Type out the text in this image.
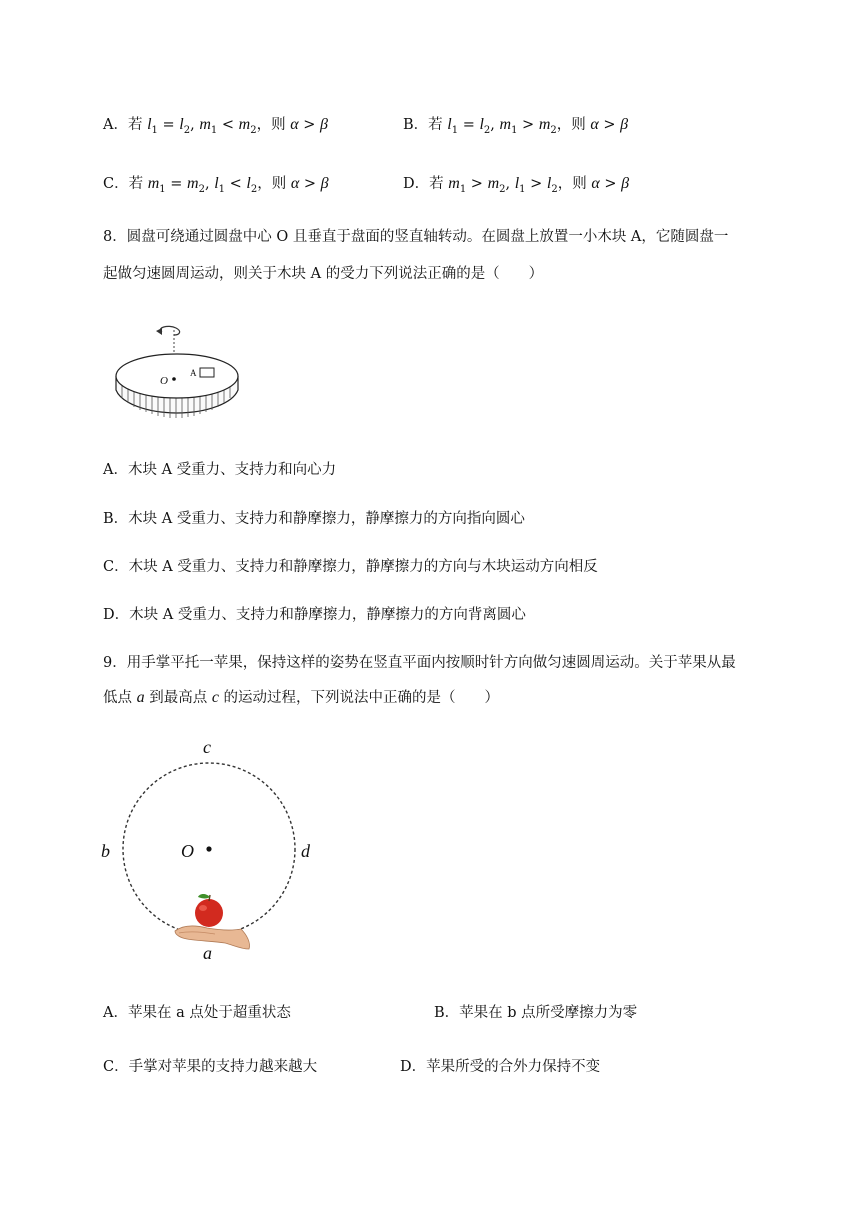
A．若 $l_1 = l_2$, $m_1 < m_2$，则 α > β	B．若 $l_1 = l_2$, $m_1 > m_2$，则 α > β
C．若 $m_1 = m_2$, $l_1 < l_2$，则 α > β	D．若 $m_1 > m_2$, $l_1 > l_2$，则 α > β
8．圆盘可绕通过圆盘中心 O 且垂直于盘面的竖直轴转动。在圆盘上放置一小木块 A，它随圆盘一
起做匀速圆周运动，则关于木块 A 的受力下列说法正确的是（　　）
O
A
A．木块 A 受重力、支持力和向心力
B．木块 A 受重力、支持力和静摩擦力，静摩擦力的方向指向圆心
C．木块 A 受重力、支持力和静摩擦力，静摩擦力的方向与木块运动方向相反
D．木块 A 受重力、支持力和静摩擦力，静摩擦力的方向背离圆心
9．用手掌平托一苹果，保持这样的姿势在竖直平面内按顺时针方向做匀速圆周运动。关于苹果从最
低点 a 到最高点 c 的运动过程，下列说法中正确的是（　　）
c
b	O	d
a
A．苹果在 a 点处于超重状态	B．苹果在 b 点所受摩擦力为零
C．手掌对苹果的支持力越来越大	D．苹果所受的合外力保持不变
